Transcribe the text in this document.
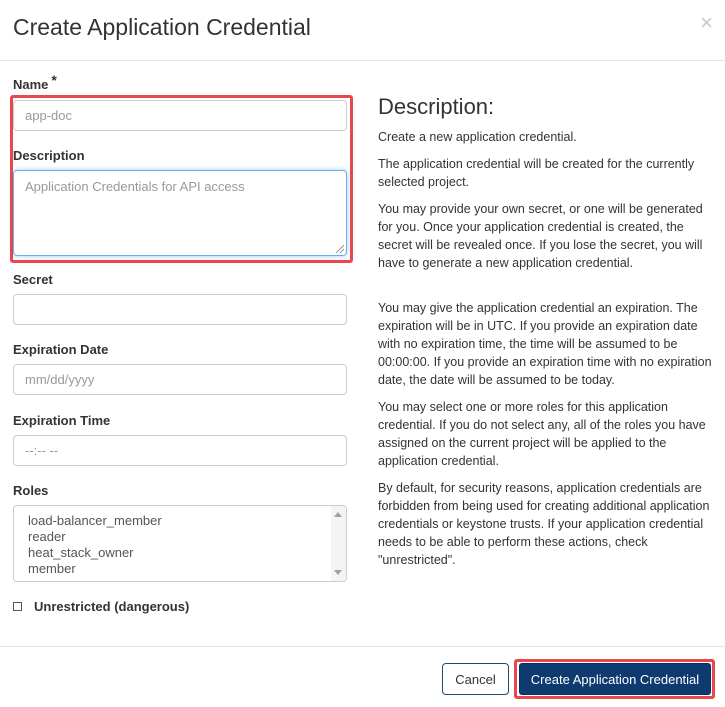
Create Application Credential	×
Name *
app-doc
Description
Application Credentials for API access
Secret
Expiration Date
mm/dd/yyyy
Expiration Time
--:-- --
Roles
load-balancer_member
reader
heat_stack_owner
member
Unrestricted (dangerous)
Description:

Create a new application credential.

The application credential will be created for the currently selected project.

You may provide your own secret, or one will be generated for you. Once your application credential is created, the secret will be revealed once. If you lose the secret, you will have to generate a new application credential.

You may give the application credential an expiration. The expiration will be in UTC. If you provide an expiration date with no expiration time, the time will be assumed to be 00:00:00. If you provide an expiration time with no expiration date, the date will be assumed to be today.

You may select one or more roles for this application credential. If you do not select any, all of the roles you have assigned on the current project will be applied to the application credential.

By default, for security reasons, application credentials are forbidden from being used for creating additional application credentials or keystone trusts. If your application credential needs to be able to perform these actions, check "unrestricted".

Cancel	Create Application Credential
